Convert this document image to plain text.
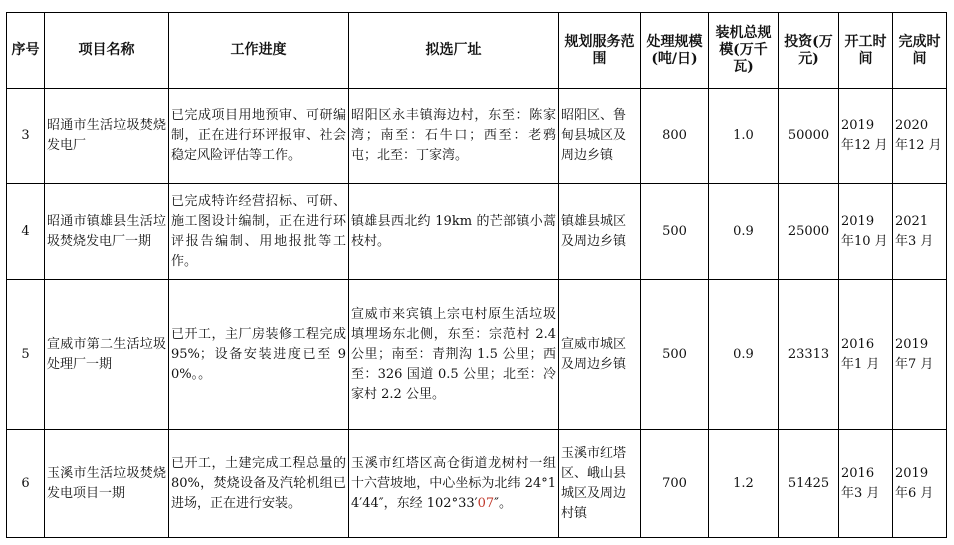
序号	项目名称	工作进度	拟选厂址	规划服务范围	处理规模(吨/日)	装机总规模(万千瓦)	投资(万元)	开工时间	完成时间
3	昭通市生活垃圾焚烧发电厂	已完成项目用地预审、可研编制，正在进行环评报审、社会稳定风险评估等工作。	昭阳区永丰镇海边村，东至：陈家湾；南至：石牛口；西至：老鸦屯；北至：丁家湾。	昭阳区、鲁甸县城区及周边乡镇	800	1.0	50000	2019 年12 月	2020 年12 月
4	昭通市镇雄县生活垃圾焚烧发电厂一期	已完成特许经营招标、可研、施工图设计编制，正在进行环评报告编制、用地报批等工作。	镇雄县西北约 19km 的芒部镇小蒿枝村。	镇雄县城区及周边乡镇	500	0.9	25000	2019 年10 月	2021 年3 月
5	宣威市第二生活垃圾处理厂一期	已开工，主厂房装修工程完成 95%；设备安装进度已至 90%。。	宣威市来宾镇上宗屯村原生活垃圾填埋场东北侧，东至：宗范村 2.4 公里；南至：青荆沟 1.5 公里；西至：326 国道 0.5 公里；北至：冷家村 2.2 公里。	宣威市城区及周边乡镇	500	0.9	23313	2016 年1 月	2019 年7 月
6	玉溪市生活垃圾焚烧发电项目一期	已开工，土建完成工程总量的 80%，焚烧设备及汽轮机组已进场，正在进行安装。	玉溪市红塔区高仓街道龙树村一组十六营坡地，中心坐标为北纬 24°14′44″，东经 102°33′07″。	玉溪市红塔区、峨山县城区及周边村镇	700	1.2	51425	2016 年3 月	2019 年6 月
